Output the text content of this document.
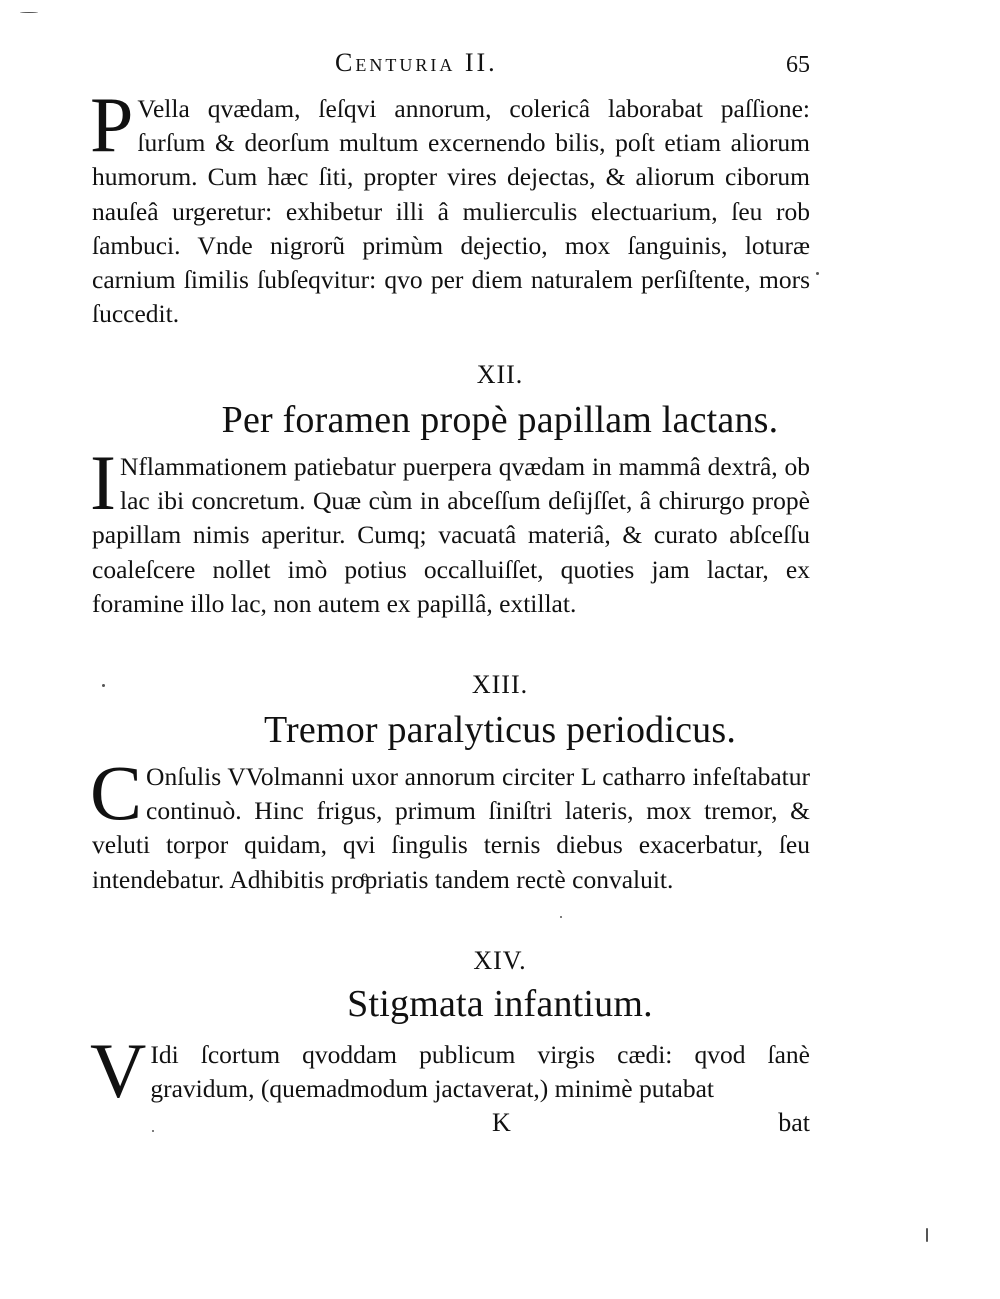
Centuria II.	65
P Vella qvædam, ſeſqvi annorum, colericâ laborabat paſſione: ſurſum & deorſum multum excernendo bilis, poſt etiam aliorum humorum. Cum hæc ſiti, propter vires dejectas, & aliorum ciborum nauſeâ urgeretur: exhibetur illi â mulierculis electuarium, ſeu rob ſambuci. Vnde nigrorũ primùm dejectio, mox ſanguinis, loturæ carnium ſimilis ſubſeqvitur: qvo per diem naturalem perſiſtente, mors ſuccedit.
XII.
Per foramen propè papillam lactans.
I Nflammationem patiebatur puerpera qvædam in mammâ dextrâ, ob lac ibi concretum. Quæ cùm in abceſſum deſijſſet, â chirurgo propè papillam nimis aperitur. Cumq; vacuatâ materiâ, & curato abſceſſu coaleſcere nollet imò potius occalluiſſet, quoties jam lactar, ex foramine illo lac, non autem ex papillâ, extillat.
XIII.
Tremor paralyticus periodicus.
C Onſulis VVolmanni uxor annorum circiter L catharro infeſtabatur continuò. Hinc frigus, primum ſiniſtri lateris, mox tremor, & veluti torpor quidam, qvi ſingulis ternis diebus exacerbatur, ſeu intendebatur. Adhibitis proͤpriatis tandem rectè convaluit.
XIV.
Stigmata infantium.
V Idi ſcortum qvoddam publicum virgis cædi: qvod ſanè gravidum, (quemadmodum jactaverat,) minimè putabat
K	bat
